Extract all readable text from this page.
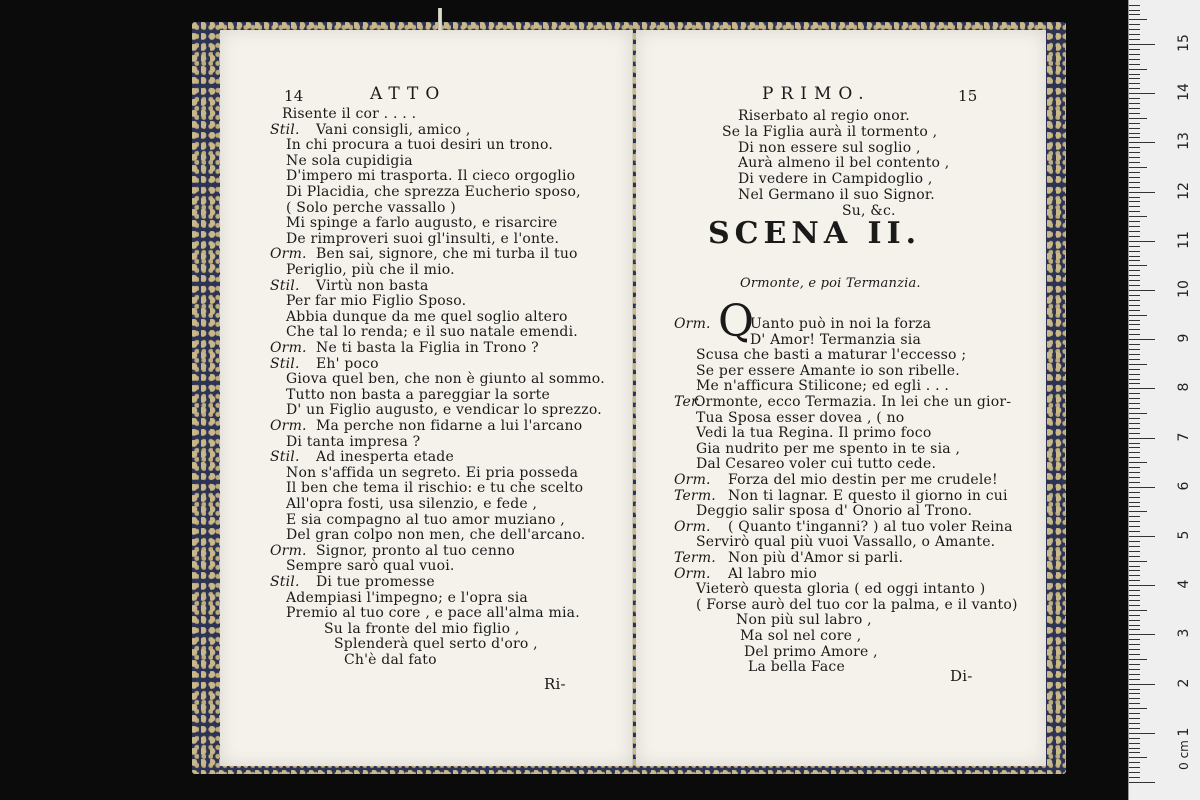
14	ATTO
Risente il cor . . . .
Stil. Vani consigli, amico ,
In chi procura a tuoi desiri un trono.
Ne sola cupidigia
D'impero mi trasporta. Il cieco orgoglio
Di Placidia, che sprezza Eucherio sposo,
( Solo perche vassallo )
Mi spinge a farlo augusto, e risarcire
De rimproveri suoi gl'insulti, e l'onte.
Orm. Ben sai, signore, che mi turba il tuo
Periglio, più che il mio.
Stil. Virtù non basta
Per far mio Figlio Sposo.
Abbia dunque da me quel soglio altero
Che tal lo renda; e il suo natale emendi.
Orm. Ne ti basta la Figlia in Trono ?
Stil. Eh' poco
Giova quel ben, che non è giunto al sommo.
Tutto non basta a pareggiar la sorte
D' un Figlio augusto, e vendicar lo sprezzo.
Orm. Ma perche non fidarne a lui l'arcano
Di tanta impresa ?
Stil. Ad inesperta etade
Non s'affida un segreto. Ei pria posseda
Il ben che tema il rischio: e tu che scelto
All'opra fosti, usa silenzio, e fede ,
E sia compagno al tuo amor muziano ,
Del gran colpo non men, che dell'arcano.
Orm. Signor, pronto al tuo cenno
Sempre sarò qual vuoi.
Stil. Di tue promesse
Adempiasi l'impegno; e l'opra sia
Premio al tuo core , e pace all'alma mia.
Su la fronte del mio figlio ,
Splenderà quel serto d'oro ,
Ch'è dal fato
Ri-
PRIMO.	15
Riserbato al regio onor.
Se la Figlia aurà il tormento ,
Di non essere sul soglio ,
Aurà almeno il bel contento ,
Di vedere in Campidoglio ,
Nel Germano il suo Signor.
Su, &c.
SCENA II.
Ormonte, e poi Termanzia.
Q
Orm.	Uanto può in noi la forza
D' Amor! Termanzia sia
Scusa che basti a maturar l'eccesso ;
Se per essere Amante io son ribelle.
Me n'afficura Stilicone; ed egli . . .
Ter.
Ormonte, ecco Termazia. In lei che un gior-
Tua Sposa esser dovea , ( no
Vedi la tua Regina. Il primo foco
Gia nudrito per me spento in te sia ,
Dal Cesareo voler cui tutto cede.
Orm. Forza del mio destin per me crudele!
Term. Non ti lagnar. E questo il giorno in cui
Deggio salir sposa d' Onorio al Trono.
Orm. ( Quanto t'inganni? ) al tuo voler Reina
Servirò qual più vuoi Vassallo, o Amante.
Term. Non più d'Amor si parli.
Orm. Al labro mio
Vieterò questa gloria ( ed oggi intanto )
( Forse aurò del tuo cor la palma, e il vanto)
Non più sul labro ,
Ma sol nel core ,
Del primo Amore ,
La bella Face	Di-
1
2
3
4
5
6
7
8
9
10
11
12
13
14
15
0 cm
